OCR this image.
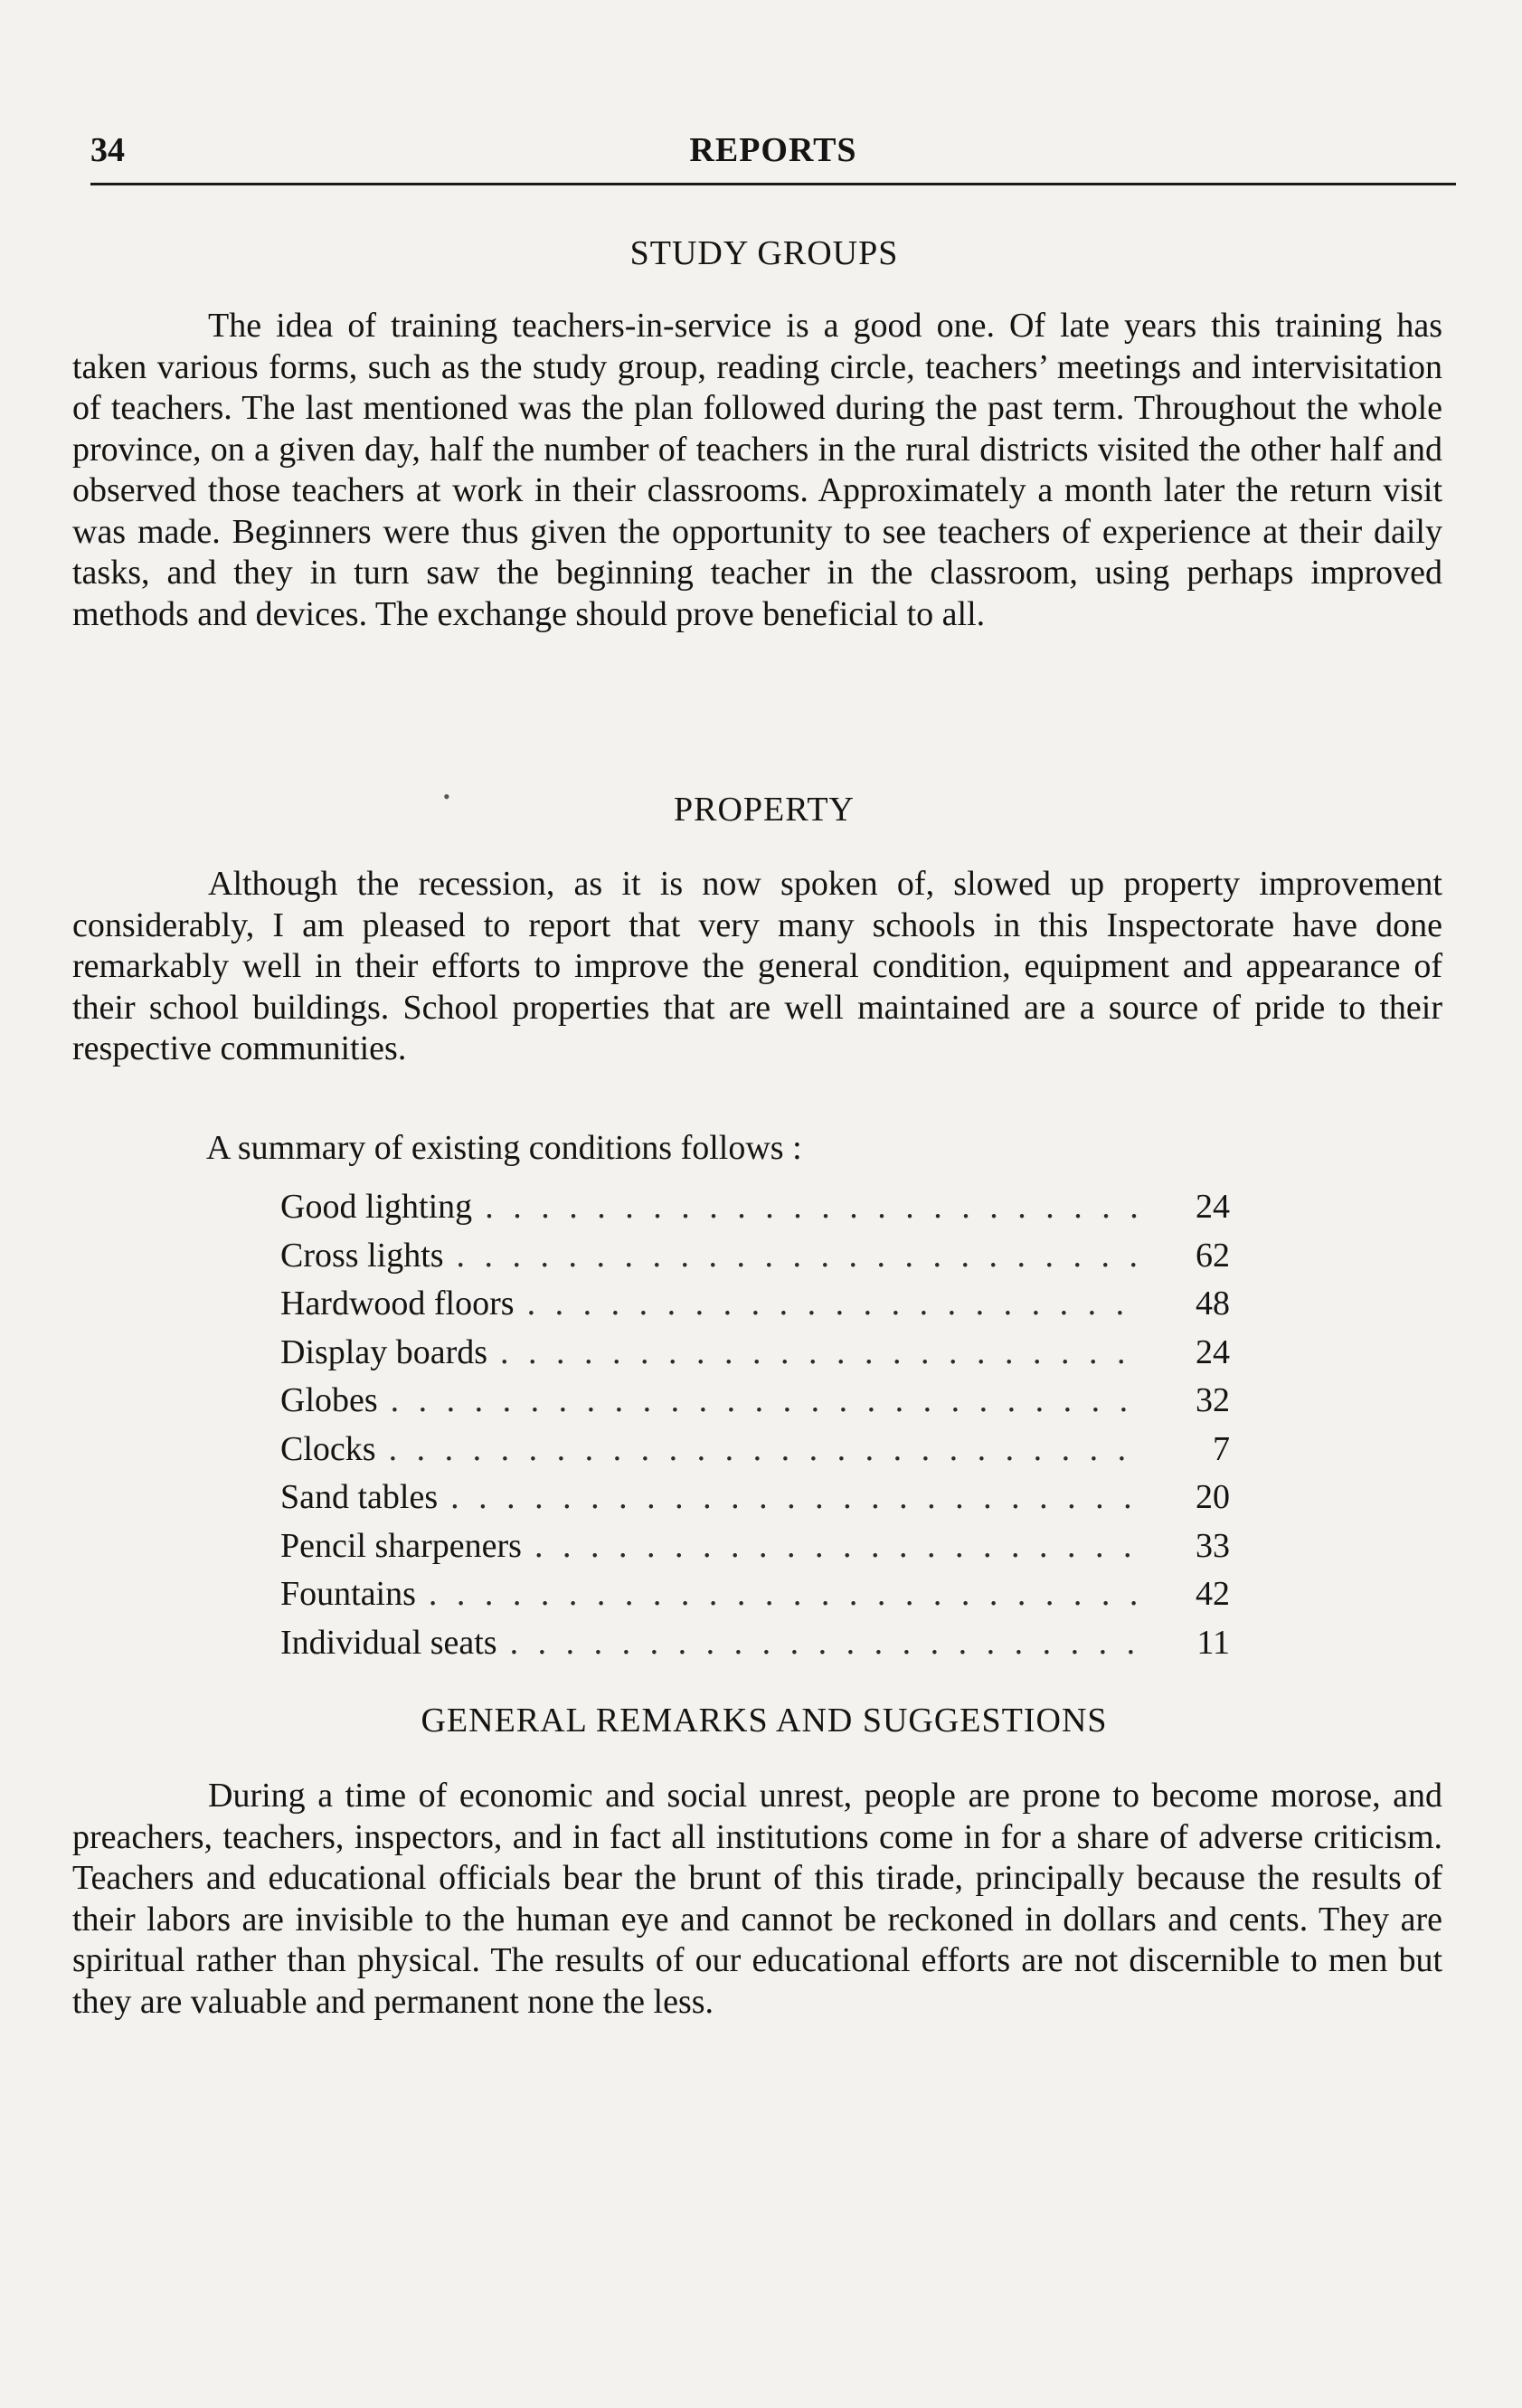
34	REPORTS
STUDY GROUPS

The idea of training teachers-in-service is a good one. Of late years this training has taken various forms, such as the study group, reading circle, teachers’ meetings and intervisitation of teachers. The last mentioned was the plan followed during the past term. Throughout the whole province, on a given day, half the number of teachers in the rural districts visited the other half and observed those teachers at work in their classrooms. Approximately a month later the return visit was made. Beginners were thus given the opportunity to see teachers of experience at their daily tasks, and they in turn saw the beginning teacher in the classroom, using perhaps improved methods and devices. The exchange should prove beneficial to all.

•	PROPERTY

Although the recession, as it is now spoken of, slowed up property improvement considerably, I am pleased to report that very many schools in this Inspectorate have done remarkably well in their efforts to improve the general condition, equipment and appearance of their school buildings. School properties that are well maintained are a source of pride to their respective communities.

A summary of existing conditions follows :

Good lighting . . .	24
Cross lights . . .	62
Hardwood floors . . .	48
Display boards . . .	24
Globes . . .	32
Clocks . . .	7
Sand tables . . .	20
Pencil sharpeners . . .	33
Fountains . . .	42
Individual seats . . .	11
GENERAL REMARKS AND SUGGESTIONS

During a time of economic and social unrest, people are prone to become morose, and preachers, teachers, inspectors, and in fact all institutions come in for a share of adverse criticism. Teachers and educational officials bear the brunt of this tirade, principally because the results of their labors are invisible to the human eye and cannot be reckoned in dollars and cents. They are spiritual rather than physical. The results of our educational efforts are not discernible to men but they are valuable and permanent none the less.
